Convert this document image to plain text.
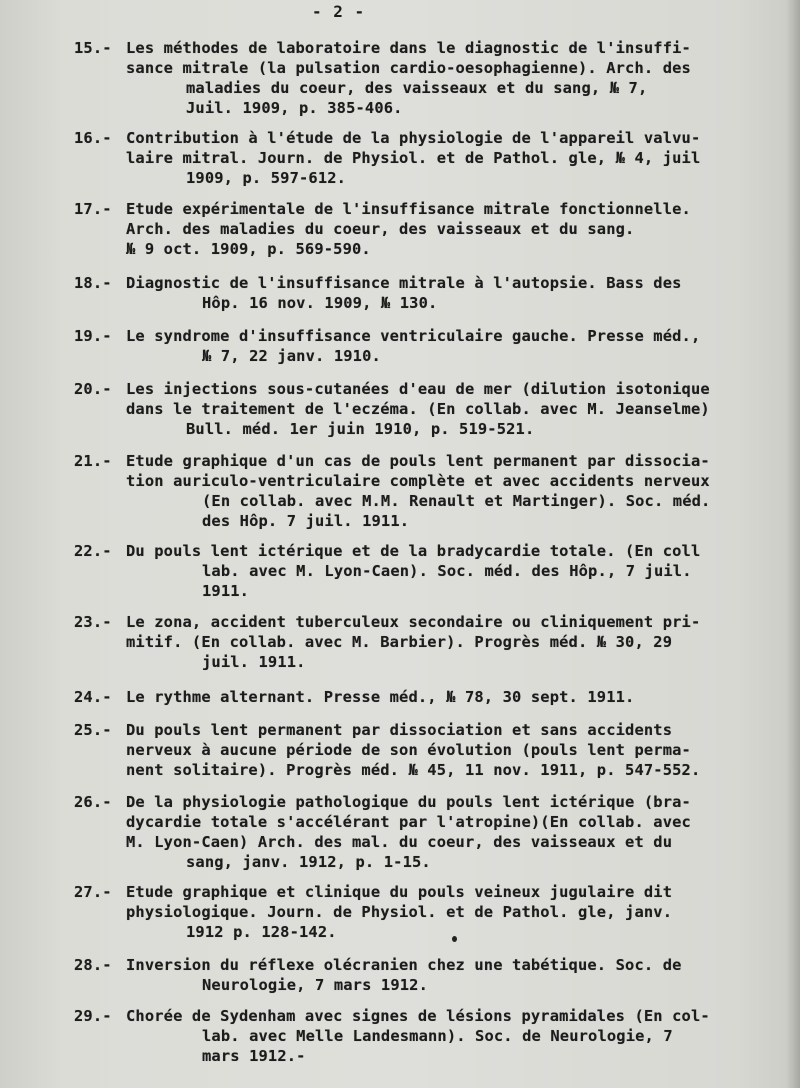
- 2 -
15.- Les méthodes de laboratoire dans le diagnostic de l'insuffi-
sance mitrale (la pulsation cardio-oesophagienne). Arch. des
maladies du coeur, des vaisseaux et du sang, № 7,
Juil. 1909, p. 385-406.
16.- Contribution à l'étude de la physiologie de l'appareil valvu-
laire mitral. Journ. de Physiol. et de Pathol. gle, № 4, juil
1909, p. 597-612.
17.- Etude expérimentale de l'insuffisance mitrale fonctionnelle.
Arch. des maladies du coeur, des vaisseaux et du sang.
№ 9 oct. 1909, p. 569-590.
18.- Diagnostic de l'insuffisance mitrale à l'autopsie. Bass des
Hôp. 16 nov. 1909, № 130.
19.- Le syndrome d'insuffisance ventriculaire gauche. Presse méd.,
№ 7, 22 janv. 1910.
20.- Les injections sous-cutanées d'eau de mer (dilution isotonique
dans le traitement de l'eczéma. (En collab. avec M. Jeanselme)
Bull. méd. 1er juin 1910, p. 519-521.
21.- Etude graphique d'un cas de pouls lent permanent par dissocia-
tion auriculo-ventriculaire complète et avec accidents nerveux
(En collab. avec M.M. Renault et Martinger). Soc. méd.
des Hôp. 7 juil. 1911.
22.- Du pouls lent ictérique et de la bradycardie totale. (En coll
lab. avec M. Lyon-Caen). Soc. méd. des Hôp., 7 juil.
1911.
23.- Le zona, accident tuberculeux secondaire ou cliniquement pri-
mitif. (En collab. avec M. Barbier). Progrès méd. № 30, 29
juil. 1911.
24.- Le rythme alternant. Presse méd., № 78, 30 sept. 1911.
25.- Du pouls lent permanent par dissociation et sans accidents
nerveux à aucune période de son évolution (pouls lent perma-
nent solitaire). Progrès méd. № 45, 11 nov. 1911, p. 547-552.
26.- De la physiologie pathologique du pouls lent ictérique (bra-
dycardie totale s'accélérant par l'atropine)(En collab. avec
M. Lyon-Caen) Arch. des mal. du coeur, des vaisseaux et du
sang, janv. 1912, p. 1-15.
27.- Etude graphique et clinique du pouls veineux jugulaire dit
physiologique. Journ. de Physiol. et de Pathol. gle, janv.
1912 p. 128-142.
28.- Inversion du réflexe olécranien chez une tabétique. Soc. de
Neurologie, 7 mars 1912.
29.- Chorée de Sydenham avec signes de lésions pyramidales (En col-
lab. avec Melle Landesmann). Soc. de Neurologie, 7
mars 1912.-
